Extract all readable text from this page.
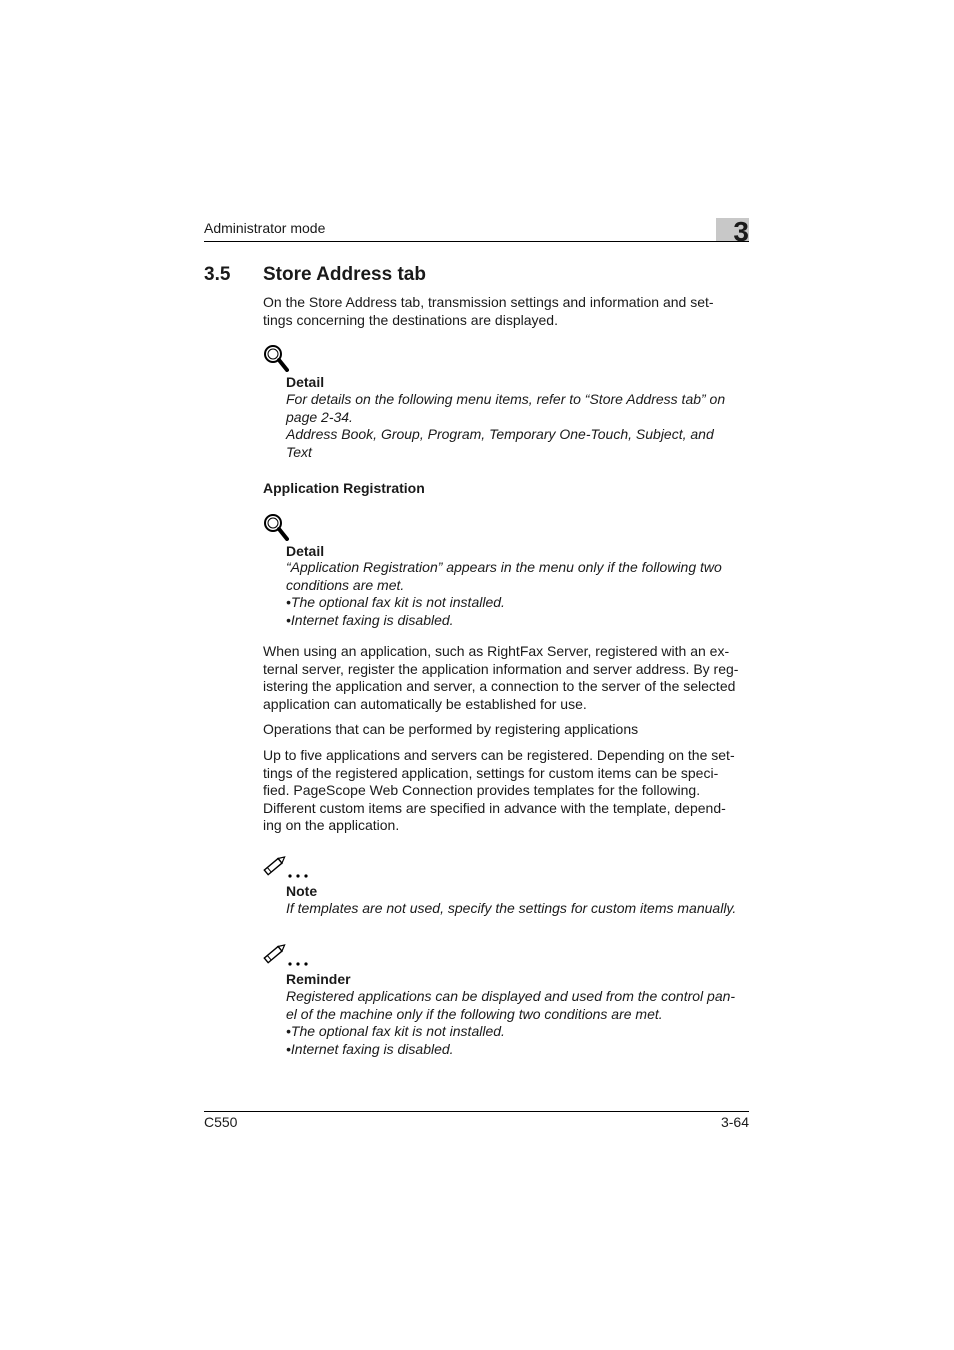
Administrator mode	3
3.5 Store Address tab
On the Store Address tab, transmission settings and information and set-
tings concerning the destinations are displayed.
Detail
For details on the following menu items, refer to “Store Address tab” on
page 2-34.
Address Book, Group, Program, Temporary One-Touch, Subject, and
Text
Application Registration
Detail
“Application Registration” appears in the menu only if the following two
conditions are met.
•The optional fax kit is not installed.
•Internet faxing is disabled.
When using an application, such as RightFax Server, registered with an ex-
ternal server, register the application information and server address. By reg-
istering the application and server, a connection to the server of the selected
application can automatically be established for use.
Operations that can be performed by registering applications
Up to five applications and servers can be registered. Depending on the set-
tings of the registered application, settings for custom items can be speci-
fied. PageScope Web Connection provides templates for the following.
Different custom items are specified in advance with the template, depend-
ing on the application.
Note
If templates are not used, specify the settings for custom items manually.
Reminder
Registered applications can be displayed and used from the control pan-
el of the machine only if the following two conditions are met.
•The optional fax kit is not installed.
•Internet faxing is disabled.
C550	3-64
